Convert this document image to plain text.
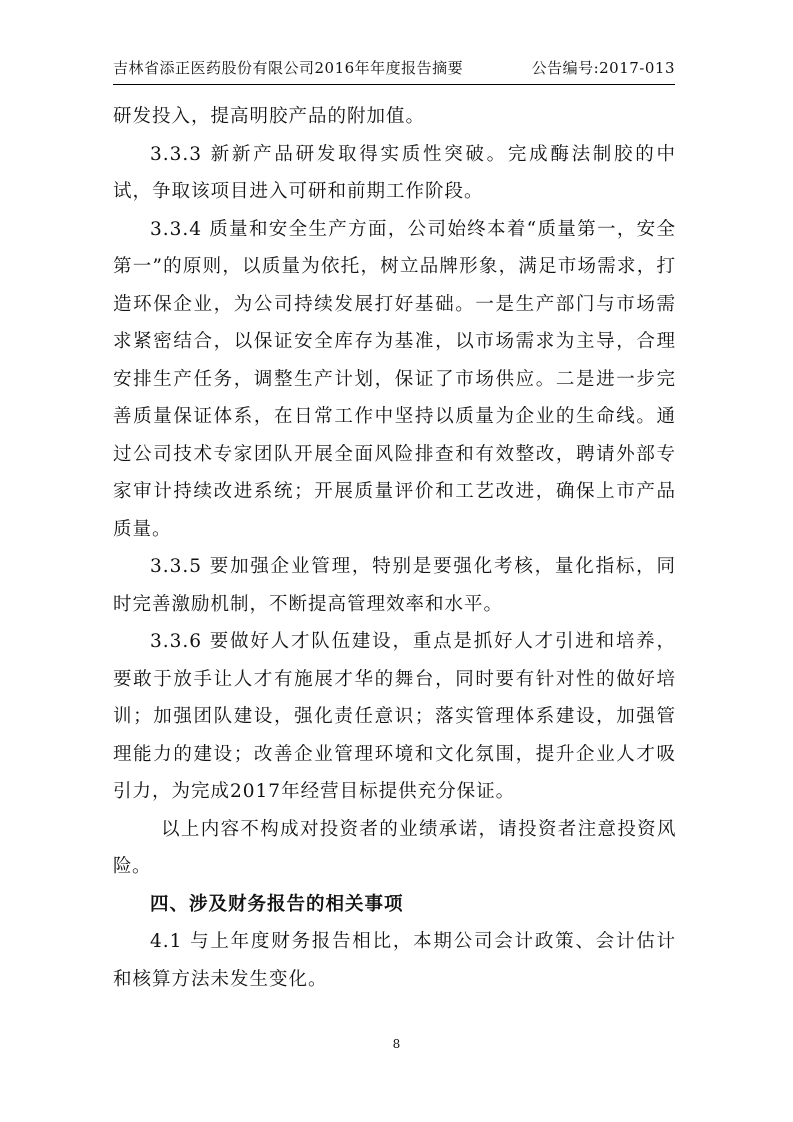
吉林省添正医药股份有限公司2016年年度报告摘要	公告编号:2017-013

研发投入，提高明胶产品的附加值。

3.3.3 新新产品研发取得实质性突破。完成酶法制胶的中试，争取该项目进入可研和前期工作阶段。

3.3.4 质量和安全生产方面，公司始终本着“质量第一，安全第一”的原则，以质量为依托，树立品牌形象，满足市场需求，打造环保企业，为公司持续发展打好基础。一是生产部门与市场需求紧密结合，以保证安全库存为基准，以市场需求为主导，合理安排生产任务，调整生产计划，保证了市场供应。二是进一步完善质量保证体系，在日常工作中坚持以质量为企业的生命线。通过公司技术专家团队开展全面风险排查和有效整改，聘请外部专家审计持续改进系统；开展质量评价和工艺改进，确保上市产品质量。

3.3.5 要加强企业管理，特别是要强化考核，量化指标，同时完善激励机制，不断提高管理效率和水平。

3.3.6 要做好人才队伍建设，重点是抓好人才引进和培养，要敢于放手让人才有施展才华的舞台，同时要有针对性的做好培训；加强团队建设，强化责任意识；落实管理体系建设，加强管理能力的建设；改善企业管理环境和文化氛围，提升企业人才吸引力，为完成2017年经营目标提供充分保证。

以上内容不构成对投资者的业绩承诺，请投资者注意投资风险。

四、涉及财务报告的相关事项

4.1 与上年度财务报告相比，本期公司会计政策、会计估计和核算方法未发生变化。

8
